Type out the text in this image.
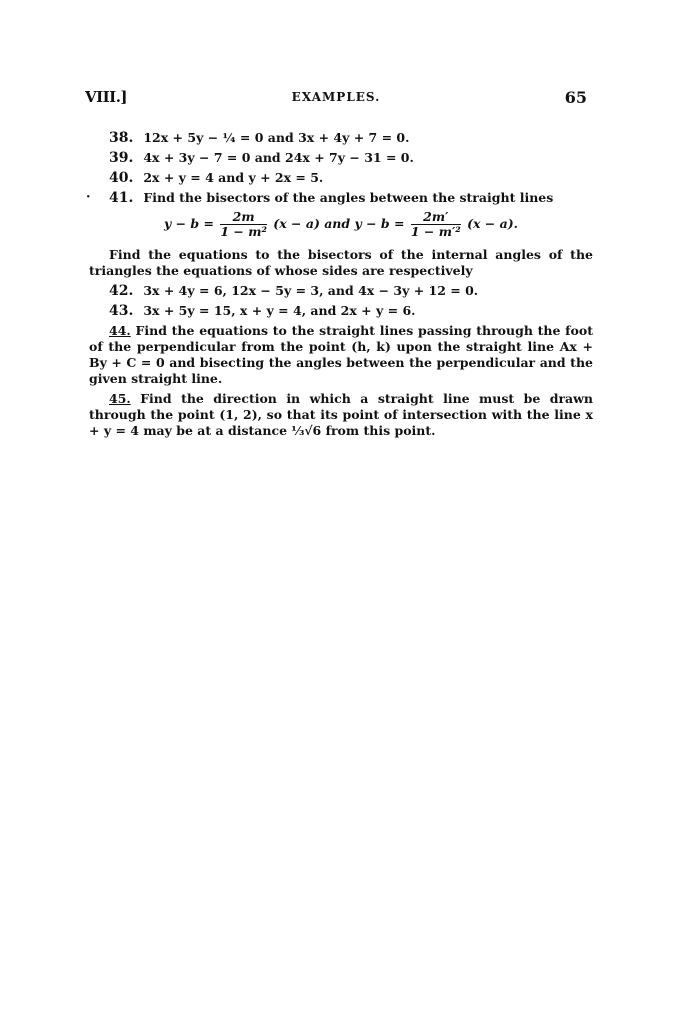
VIII.]	EXAMPLES.	65
38. 12x + 5y − ¼ = 0 and 3x + 4y + 7 = 0.
39. 4x + 3y − 7 = 0 and 24x + 7y − 31 = 0.
40. 2x + y = 4 and y + 2x = 5.
· 41. Find the bisectors of the angles between the straight lines
$y - b = \frac{2m}{\text{1 − m²}} (x - a)$ and $y - b = \frac{2m'}{\text{1 − m′²}} (x - a)$.

Find the equations to the bisectors of the internal angles of the triangles the equations of whose sides are respectively

42. 3x + 4y = 6, 12x − 5y = 3, and 4x − 3y + 12 = 0.
43. 3x + 5y = 15, x + y = 4, and 2x + y = 6.

44. Find the equations to the straight lines passing through the foot of the perpendicular from the point (h, k) upon the straight line Ax + By + C = 0 and bisecting the angles between the perpendicular and the given straight line.

45. Find the direction in which a straight line must be drawn through the point (1, 2), so that its point of intersection with the line x + y = 4 may be at a distance ⅓√6 from this point.
